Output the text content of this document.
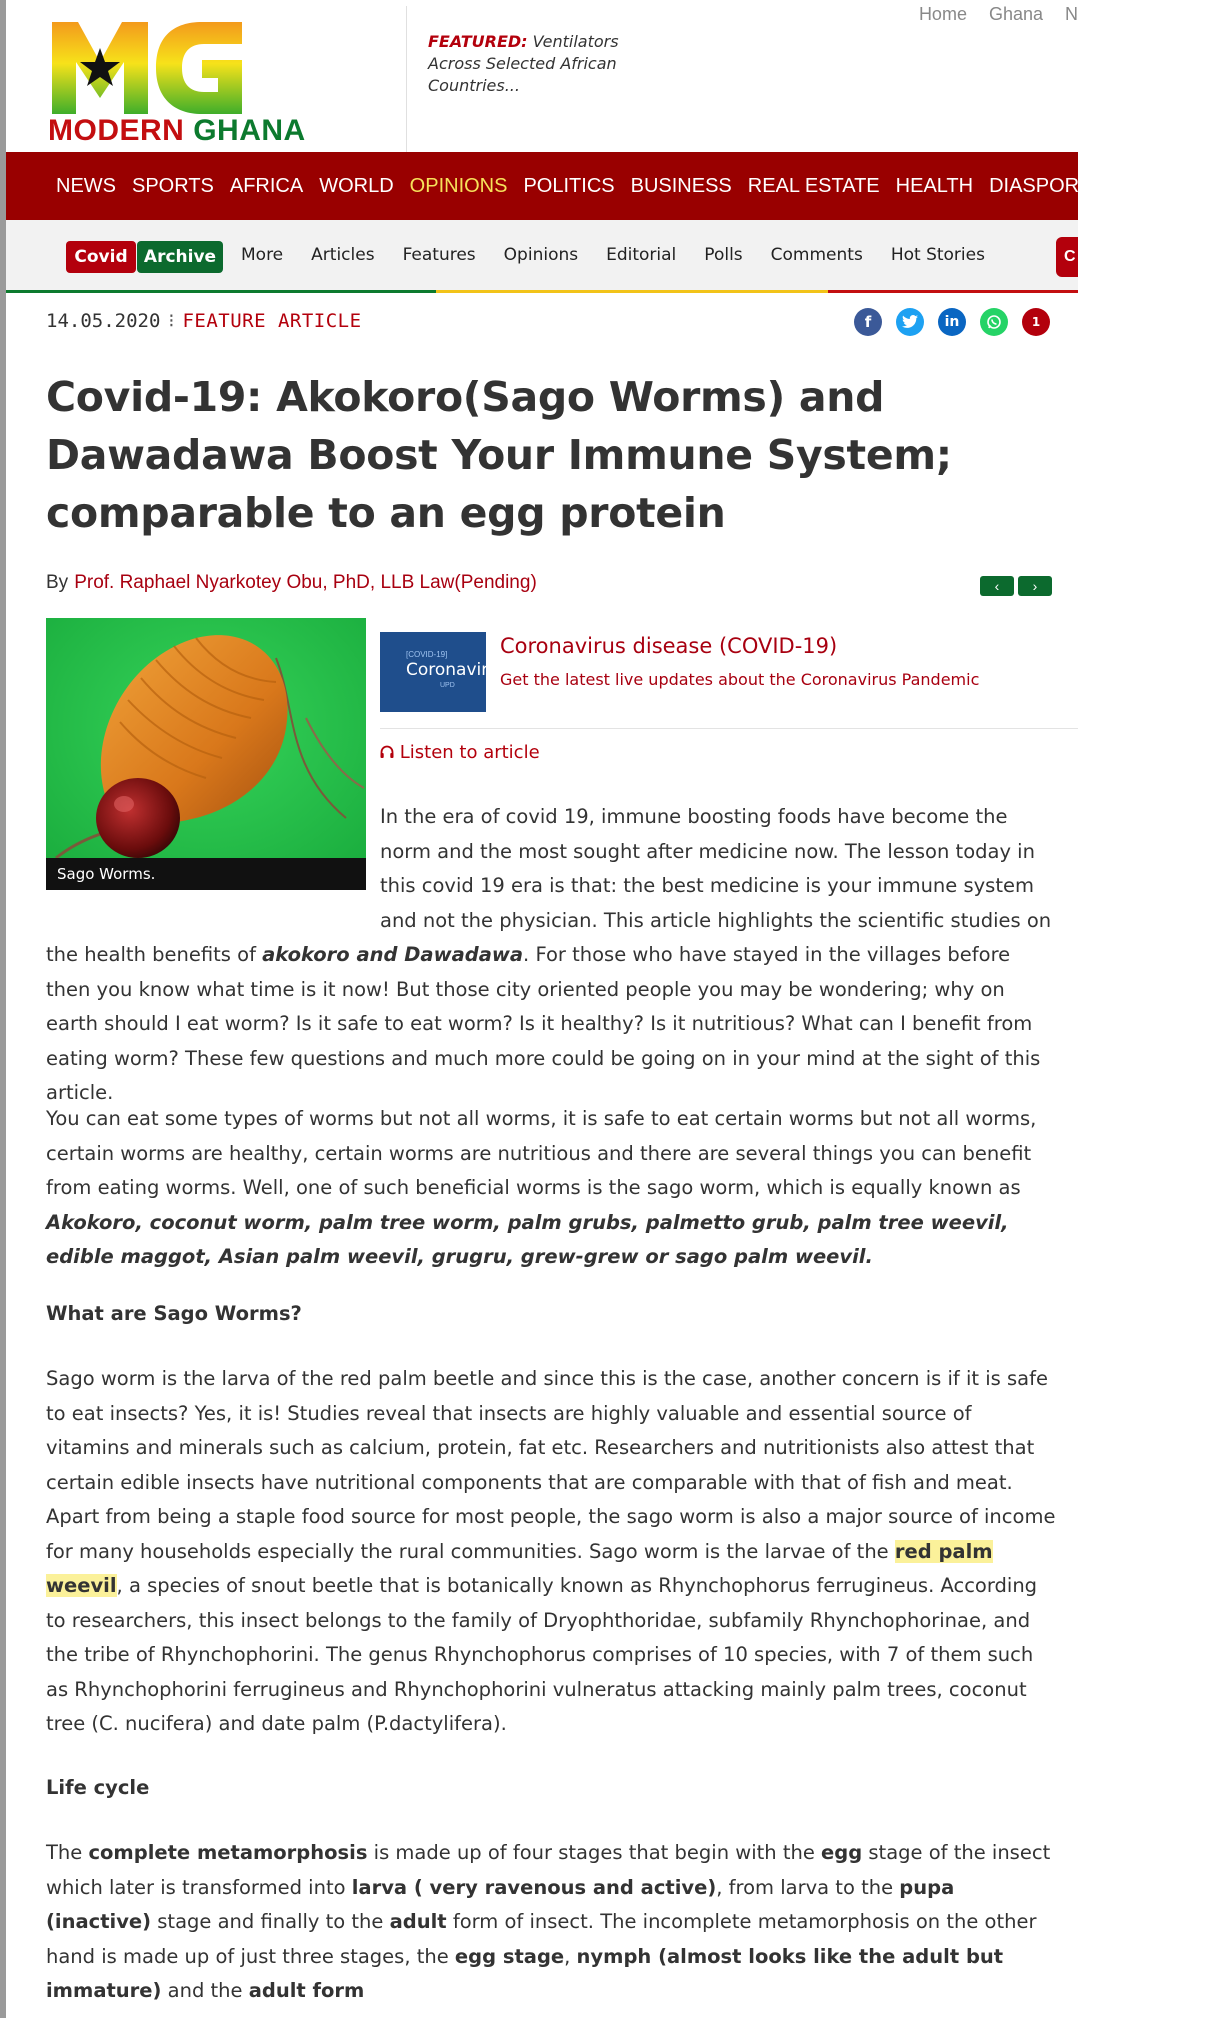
MODERN GHANA
FEATURED: Ventilators Across Selected African Countries...
Home Ghana N
NEWS SPORTS AFRICA WORLD OPINIONS POLITICS BUSINESS REAL ESTATE HEALTH DIASPORA LIFESTYLE
Covid Archive	More Articles Features Opinions Editorial Polls Comments Hot Stories	C
14.05.2020 ⁝ FEATURE ARTICLE	f	in	1
Covid-19: Akokoro(Sago Worms) and Dawadawa Boost Your Immune System; comparable to an egg protein
By Prof. Raphael Nyarkotey Obu, PhD, LLB Law(Pending)	‹	›
Sago Worms.
[COVID-19]
Coronavirus
UPD
Coronavirus disease (COVID-19)
Get the latest live updates about the Coronavirus Pandemic
Listen to article

In the era of covid 19, immune boosting foods have become the norm and the most sought after medicine now. The lesson today in this covid 19 era is that: the best medicine is your immune system and not the physician. This article highlights the scientific studies on the health benefits of akokoro and Dawadawa. For those who have stayed in the villages before then you know what time is it now! But those city oriented people you may be wondering; why on earth should I eat worm? Is it safe to eat worm? Is it healthy? Is it nutritious? What can I benefit from eating worm? These few questions and much more could be going on in your mind at the sight of this article.

You can eat some types of worms but not all worms, it is safe to eat certain worms but not all worms, certain worms are healthy, certain worms are nutritious and there are several things you can benefit from eating worms. Well, one of such beneficial worms is the sago worm, which is equally known as Akokoro, coconut worm, palm tree worm, palm grubs, palmetto grub, palm tree weevil, edible maggot, Asian palm weevil, grugru, grew-grew or sago palm weevil.

What are Sago Worms?

Sago worm is the larva of the red palm beetle and since this is the case, another concern is if it is safe to eat insects? Yes, it is! Studies reveal that insects are highly valuable and essential source of vitamins and minerals such as calcium, protein, fat etc. Researchers and nutritionists also attest that certain edible insects have nutritional components that are comparable with that of fish and meat. Apart from being a staple food source for most people, the sago worm is also a major source of income for many households especially the rural communities. Sago worm is the larvae of the red palm weevil, a species of snout beetle that is botanically known as Rhynchophorus ferrugineus. According to researchers, this insect belongs to the family of Dryophthoridae, subfamily Rhynchophorinae, and the tribe of Rhynchophorini. The genus Rhynchophorus comprises of 10 species, with 7 of them such as Rhynchophorini ferrugineus and Rhynchophorini vulneratus attacking mainly palm trees, coconut tree (C. nucifera) and date palm (P.dactylifera).

Life cycle

The complete metamorphosis is made up of four stages that begin with the egg stage of the insect which later is transformed into larva ( very ravenous and active), from larva to the pupa (inactive) stage and finally to the adult form of insect. The incomplete metamorphosis on the other hand is made up of just three stages, the egg stage, nymph (almost looks like the adult but immature) and the adult form
